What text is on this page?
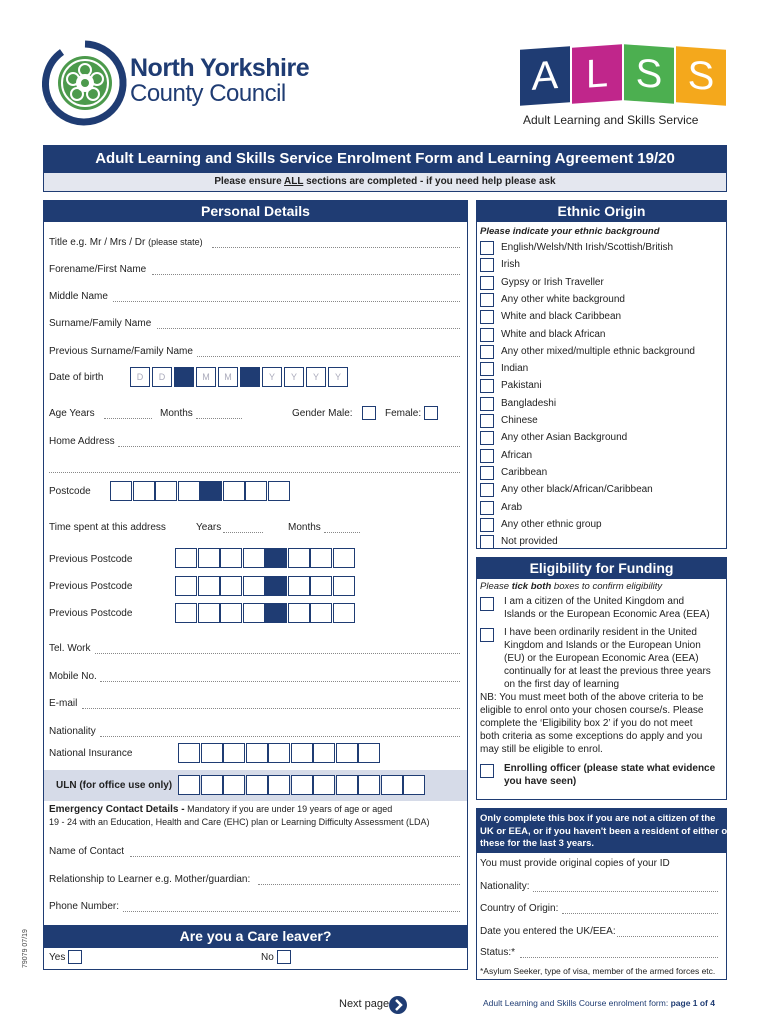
North Yorkshire
County Council	A L S S
Adult Learning and Skills Service
Adult Learning and Skills Service Enrolment Form and Learning Agreement 19/20
Please ensure ALL sections are completed - if you need help please ask
Personal Details
Title e.g. Mr / Mrs / Dr (please state)
Forename/First Name
Middle Name
Surname/Family Name
Previous Surname/Family Name
Date of birth	D	D	M	M	Y	Y	Y	Y
Age Years	Months	Gender Male:	Female:
Home Address
Postcode
Time spent at this address	Years	Months
Previous Postcode
Previous Postcode
Previous Postcode
Tel. Work
Mobile No.
E-mail
Nationality
National Insurance
ULN (for office use only)
Emergency Contact Details - Mandatory if you are under 19 years of age or aged
19 - 24 with an Education, Health and Care (EHC) plan or Learning Difficulty Assessment (LDA)
Name of Contact
Relationship to Learner e.g. Mother/guardian:
Phone Number:
Are you a Care leaver?
Yes	No
79079 07/19
Ethnic Origin
Please indicate your ethnic background
English/Welsh/Nth Irish/Scottish/British
Irish
Gypsy or Irish Traveller
Any other white background
White and black Caribbean
White and black African
Any other mixed/multiple ethnic background
Indian
Pakistani
Bangladeshi
Chinese
Any other Asian Background
African
Caribbean
Any other black/African/Caribbean
Arab
Any other ethnic group
Not provided
Eligibility for Funding
Please tick both boxes to confirm eligibility
I am a citizen of the United Kingdom and
Islands or the European Economic Area (EEA)
I have been ordinarily resident in the United
Kingdom and Islands or the European Union
(EU) or the European Economic Area (EEA)
continually for at least the previous three years
on the first day of learning
NB: You must meet both of the above criteria to be
eligible to enrol onto your chosen course/s. Please
complete the ‘Eligibility box 2’ if you do not meet
both criteria as some exceptions do apply and you
may still be eligible to enrol.
Enrolling officer (please state what evidence
you have seen)
Only complete this box if you are not a citizen of the
UK or EEA, or if you haven't been a resident of either of
these for the last 3 years.
You must provide original copies of your ID
Nationality:
Country of Origin:
Date you entered the UK/EEA:
Status:*
*Asylum Seeker, type of visa, member of the armed forces etc.
Next page	Adult Learning and Skills Course enrolment form: page 1 of 4
